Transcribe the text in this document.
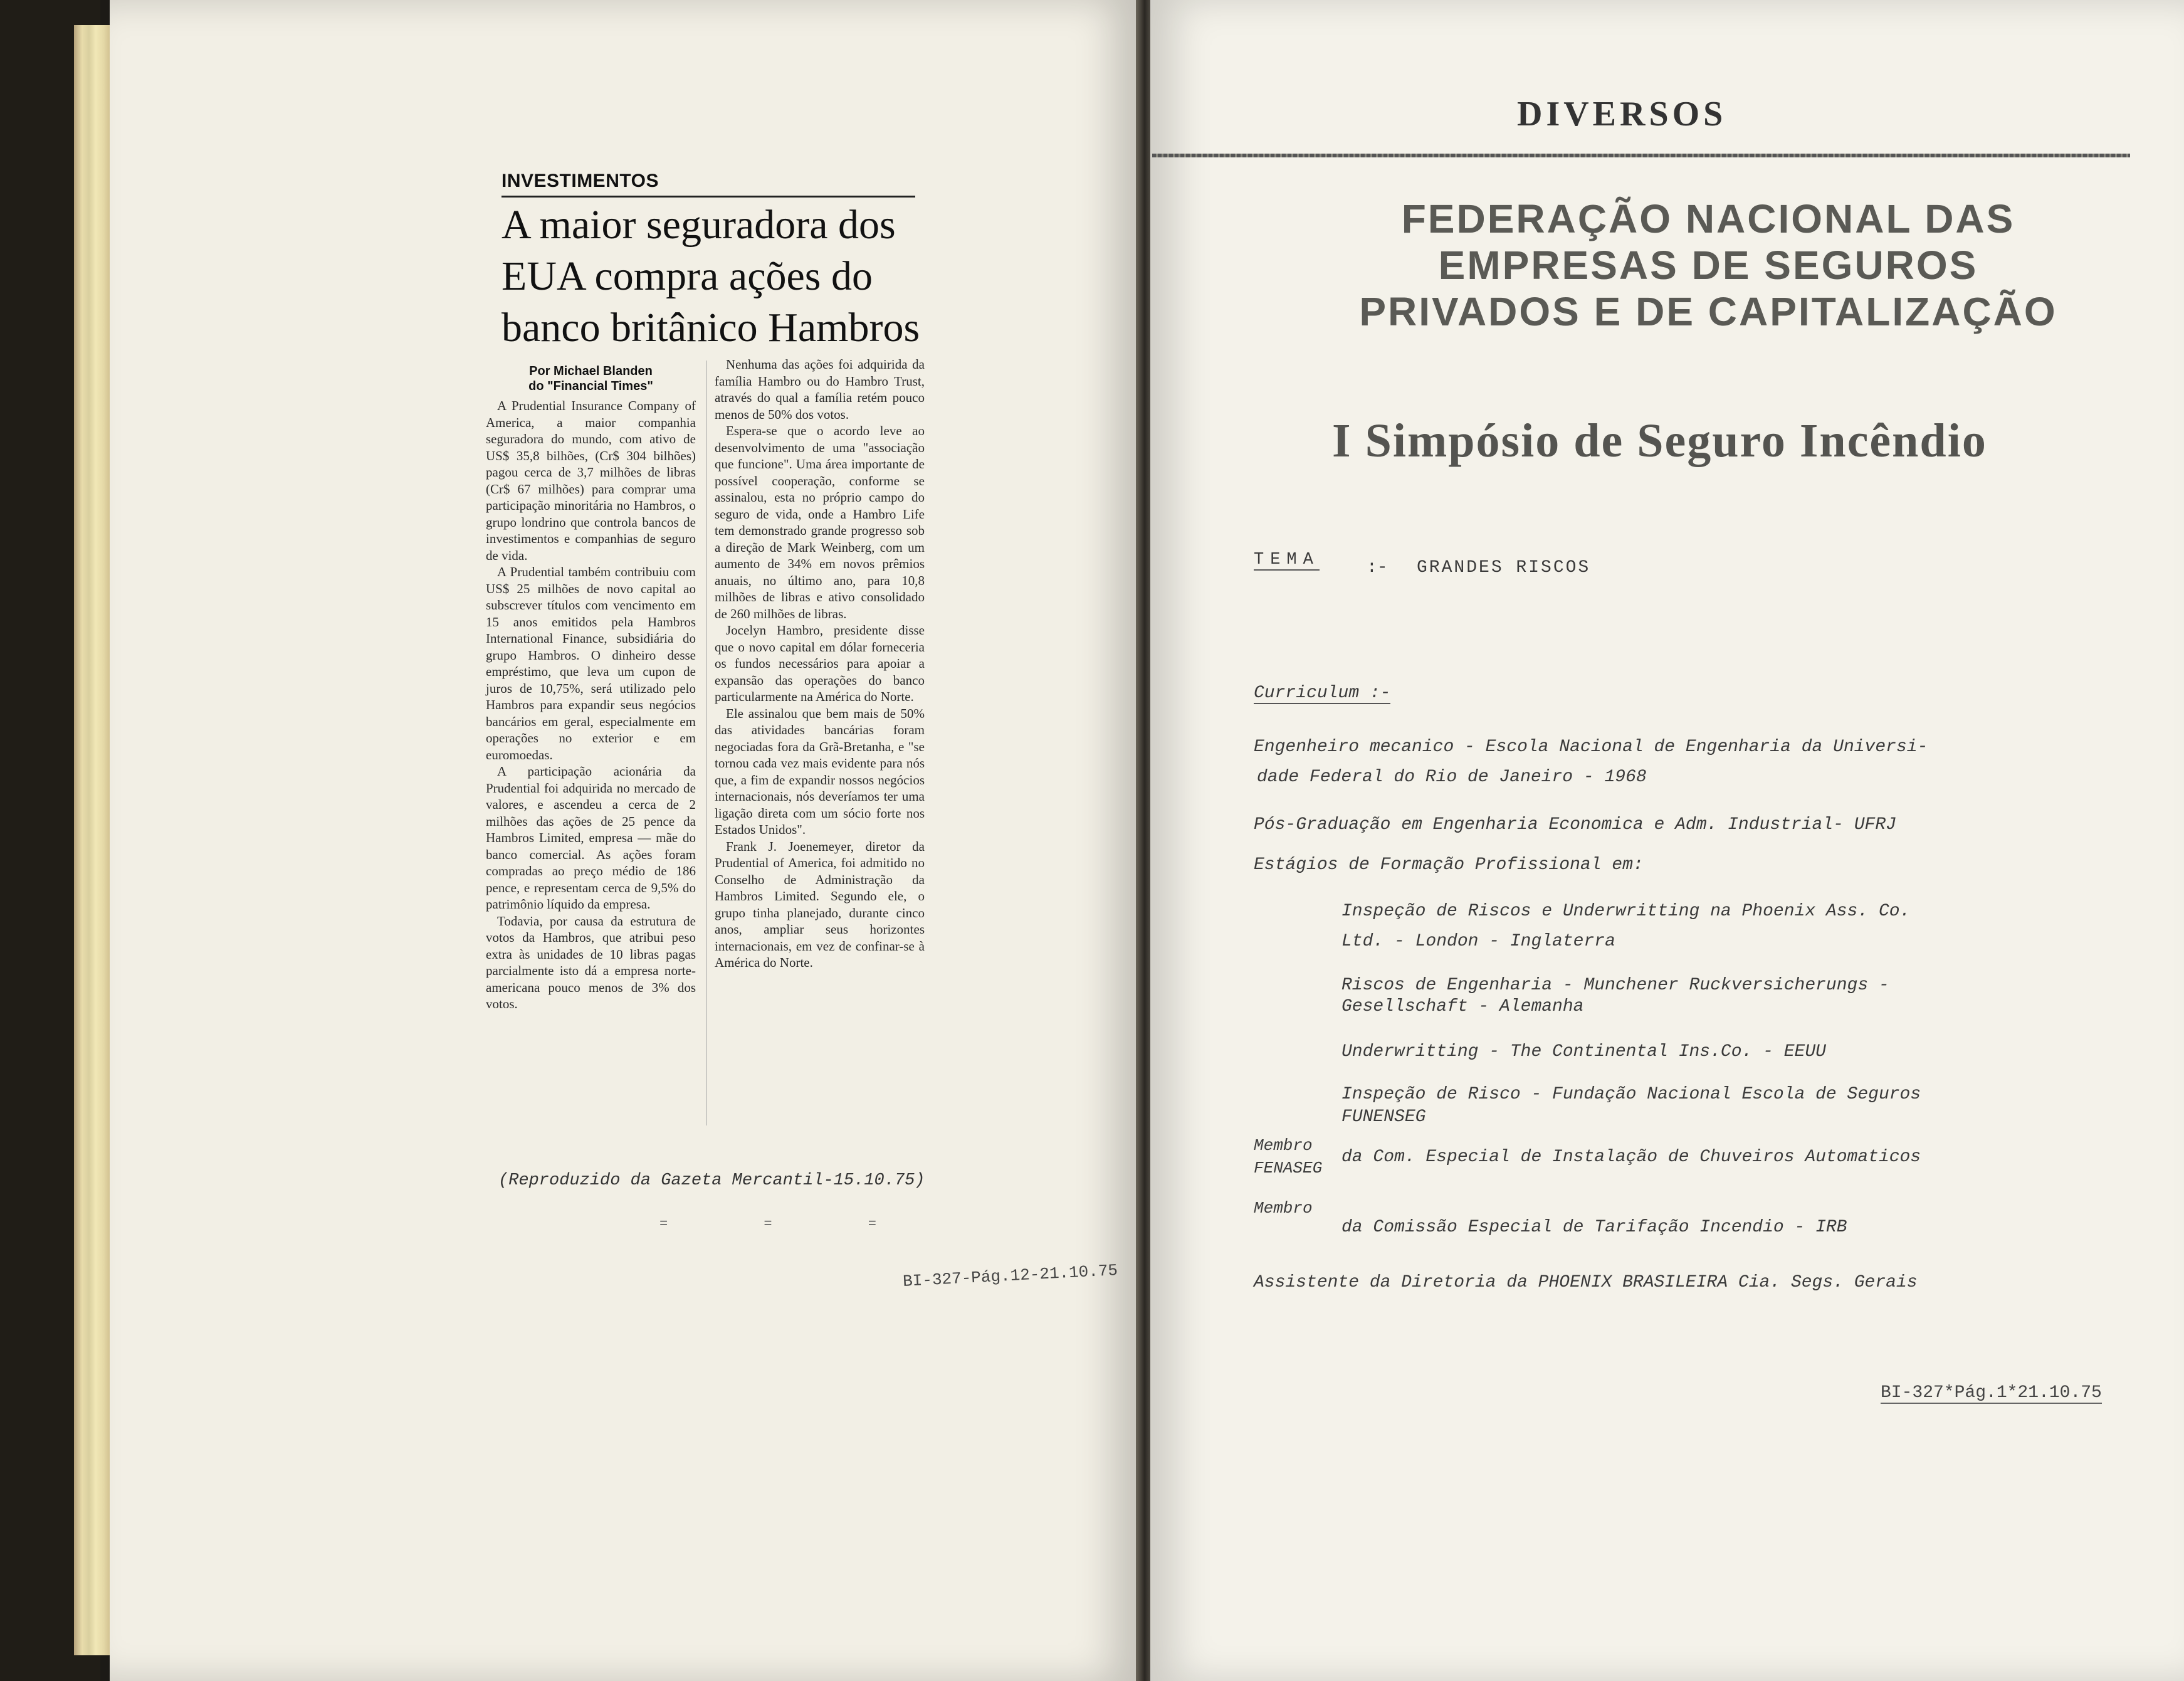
INVESTIMENTOS
A maior seguradora dos EUA compra ações do banco britânico Hambros
Por Michael Blanden
do "Financial Times"

A Prudential Insurance Company of America, a maior companhia seguradora do mundo, com ativo de US$ 35,8 bilhões, (Cr$ 304 bilhões) pagou cerca de 3,7 milhões de libras (Cr$ 67 milhões) para comprar uma participação minoritária no Hambros, o grupo londrino que controla bancos de investimentos e companhias de seguro de vida.

A Prudential também contribuiu com US$ 25 milhões de novo capital ao subscrever títulos com vencimento em 15 anos emitidos pela Hambros International Finance, subsidiária do grupo Hambros. O dinheiro desse empréstimo, que leva um cupon de juros de 10,75%, será utilizado pelo Hambros para expandir seus negócios bancários em geral, especialmente em operações no exterior e em euromoedas.

A participação acionária da Prudential foi adquirida no mercado de valores, e ascendeu a cerca de 2 milhões das ações de 25 pence da Hambros Limited, empresa — mãe do banco comercial. As ações foram compradas ao preço médio de 186 pence, e representam cerca de 9,5% do patrimônio líquido da empresa.

Todavia, por causa da estrutura de votos da Hambros, que atribui peso extra às unidades de 10 libras pagas parcialmente isto dá a empresa norte-americana pouco menos de 3% dos votos.

Nenhuma das ações foi adquirida da família Hambro ou do Hambro Trust, através do qual a família retém pouco menos de 50% dos votos.

Espera-se que o acordo leve ao desenvolvimento de uma "associação que funcione". Uma área importante de possível cooperação, conforme se assinalou, esta no próprio campo do seguro de vida, onde a Hambro Life tem demonstrado grande progresso sob a direção de Mark Weinberg, com um aumento de 34% em novos prêmios anuais, no último ano, para 10,8 milhões de libras e ativo consolidado de 260 milhões de libras.

Jocelyn Hambro, presidente disse que o novo capital em dólar forneceria os fundos necessários para apoiar a expansão das operações do banco particularmente na América do Norte.

Ele assinalou que bem mais de 50% das atividades bancárias foram negociadas fora da Grã-Bretanha, e "se tornou cada vez mais evidente para nós que, a fim de expandir nossos negócios internacionais, nós deveríamos ter uma ligação direta com um sócio forte nos Estados Unidos".

Frank J. Joenemeyer, diretor da Prudential of America, foi admitido no Conselho de Administração da Hambros Limited. Segundo ele, o grupo tinha planejado, durante cinco anos, ampliar seus horizontes internacionais, em vez de confinar-se à América do Norte.

(Reproduzido da Gazeta Mercantil-15.10.75)
= = =
BI-327-Pág.12-21.10.75
DIVERSOS
FEDERAÇÃO NACIONAL DAS
EMPRESAS DE SEGUROS
PRIVADOS E DE CAPITALIZAÇÃO
I Simpósio de Seguro Incêndio
TEMA	:- GRANDES RISCOS
Curriculum :-
Engenheiro mecanico - Escola Nacional de Engenharia da Universi-
dade Federal do Rio de Janeiro - 1968
Pós-Graduação em Engenharia Economica e Adm. Industrial- UFRJ
Estágios de Formação Profissional em:
Inspeção de Riscos e Underwritting na Phoenix Ass. Co.
Ltd. - London - Inglaterra
Riscos de Engenharia - Munchener Ruckversicherungs -
Gesellschaft - Alemanha
Underwritting - The Continental Ins.Co. - EEUU
Inspeção de Risco - Fundação Nacional Escola de Seguros
FUNENSEG
Membro
FENASEG
da Com. Especial de Instalação de Chuveiros Automaticos
Membro
da Comissão Especial de Tarifação Incendio - IRB
Assistente da Diretoria da PHOENIX BRASILEIRA Cia. Segs. Gerais
BI-327*Pág.1*21.10.75
